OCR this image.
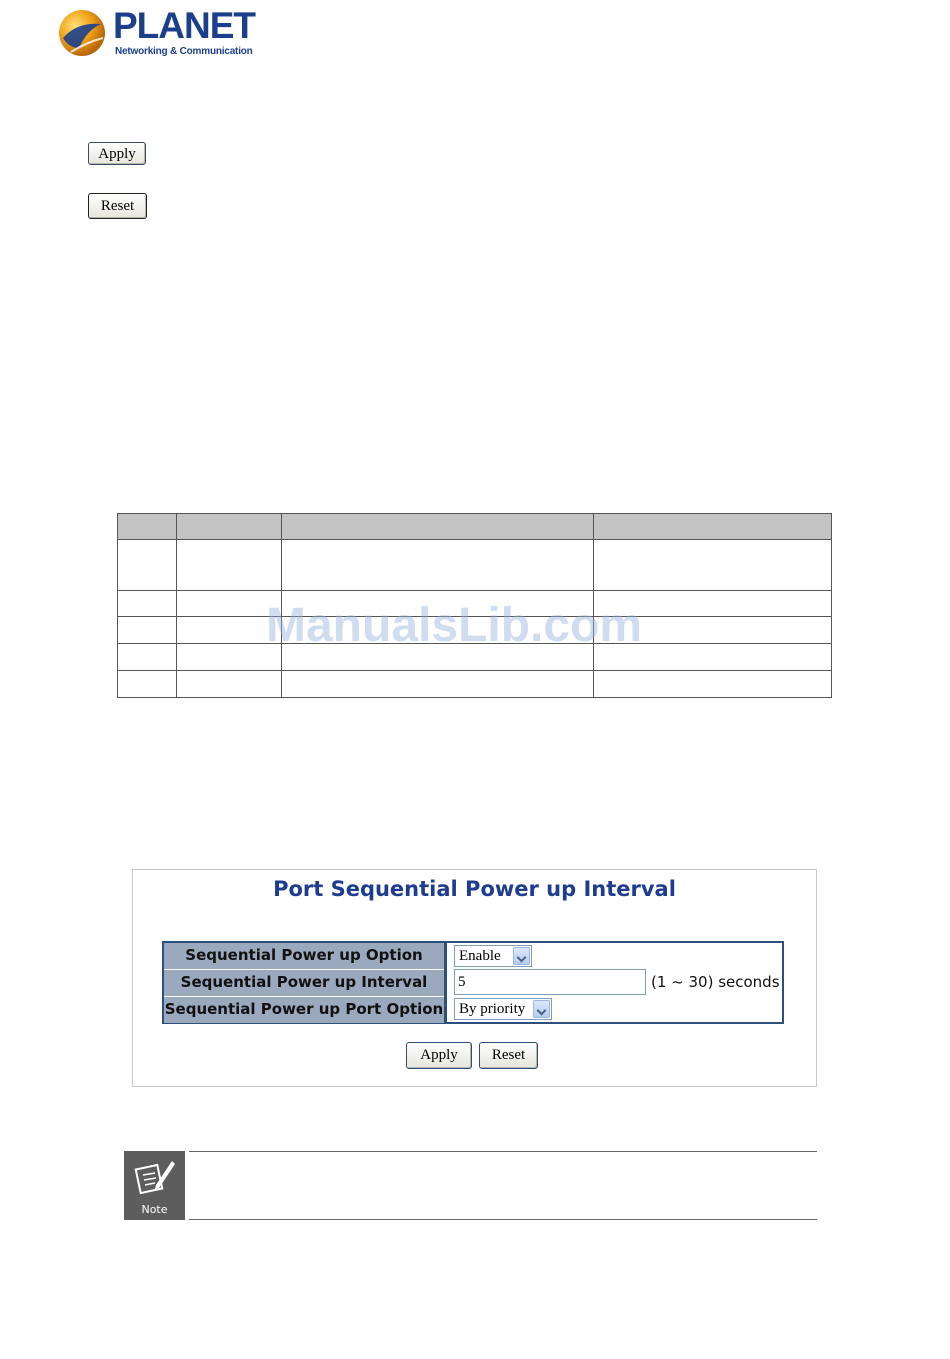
PLANET
Networking & Communication
Apply
Reset
ManualsLib.com
Port Sequential Power up Interval
Sequential Power up Option	Enable
Sequential Power up Interval	5	(1 ~ 30) seconds
Sequential Power up Port Option	By priority
Apply	Reset
Note
